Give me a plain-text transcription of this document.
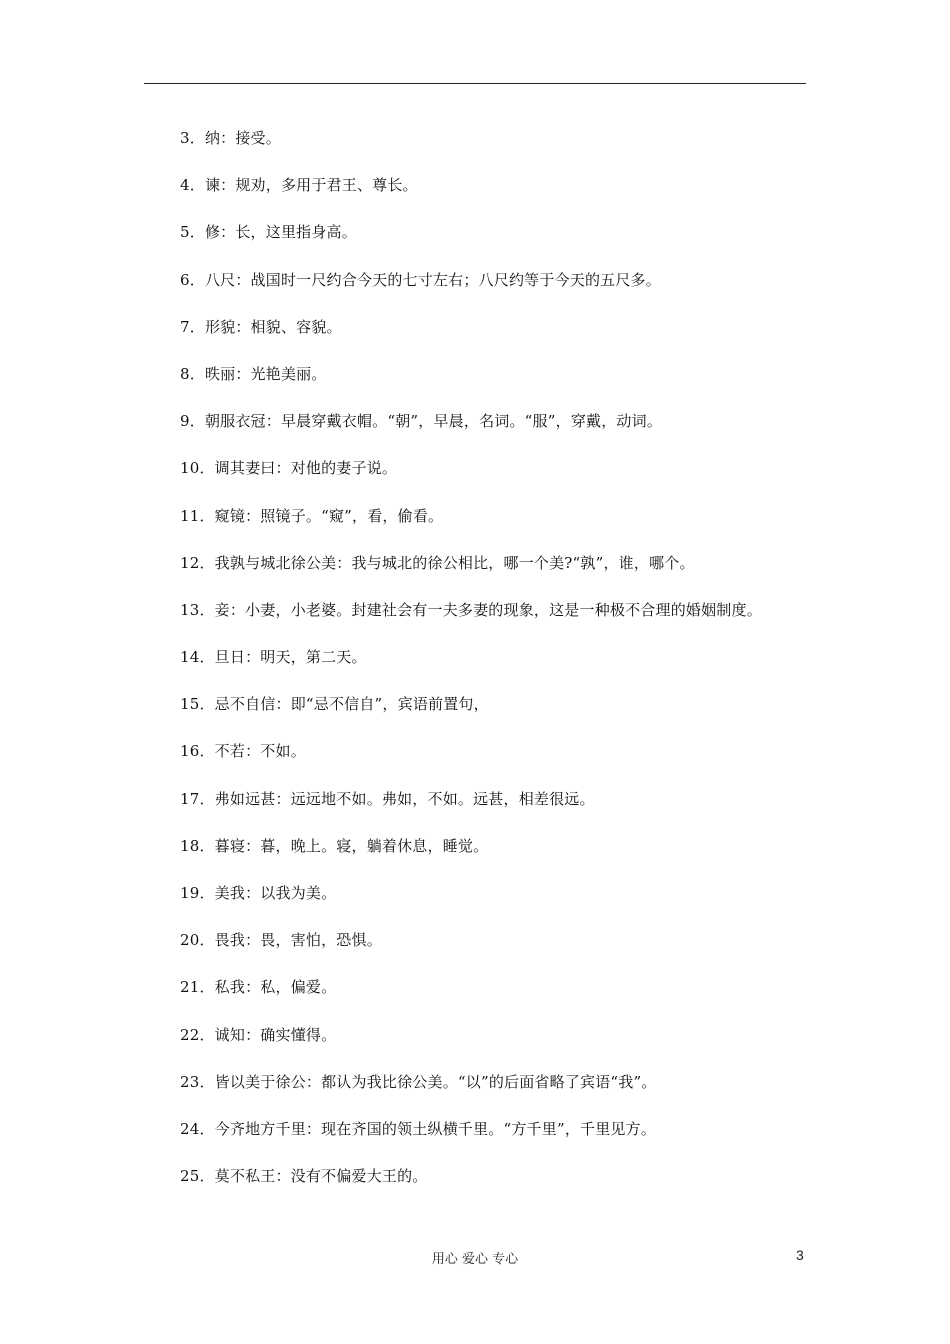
3．纳：接受。
4．谏：规劝，多用于君王、尊长。
5．修：长，这里指身高。
6．八尺：战国时一尺约合今天的七寸左右；八尺约等于今天的五尺多。
7．形貌：相貌、容貌。
8．昳丽：光艳美丽。
9．朝服衣冠：早晨穿戴衣帽。“朝”，早晨，名词。“服”，穿戴，动词。
10．调其妻曰：对他的妻子说。
11．窥镜：照镜子。“窥”，看，偷看。
12．我孰与城北徐公美：我与城北的徐公相比，哪一个美?“孰”，谁，哪个。
13．妾：小妻，小老婆。封建社会有一夫多妻的现象，这是一种极不合理的婚姻制度。
14．旦日：明天，第二天。
15．忌不自信：即“忌不信自”，宾语前置句，
16．不若：不如。
17．弗如远甚：远远地不如。弗如，不如。远甚，相差很远。
18．暮寝：暮，晚上。寝，躺着休息，睡觉。
19．美我：以我为美。
20．畏我：畏，害怕，恐惧。
21．私我：私，偏爱。
22．诚知：确实懂得。
23．皆以美于徐公：都认为我比徐公美。“以”的后面省略了宾语“我”。
24．今齐地方千里：现在齐国的领土纵横千里。“方千里”，千里见方。
25．莫不私王：没有不偏爱大王的。
用心 爱心 专心	3
